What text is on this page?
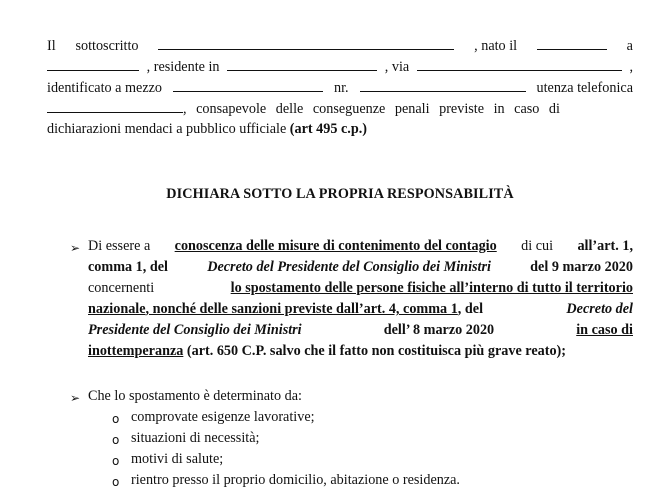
Il sottoscritto	, nato il	a
, residente in	, via	,
identificato a mezzo	nr.	utenza telefonica
, consapevole delle conseguenze penali previste in caso di
dichiarazioni mendaci a pubblico ufficiale (art 495 c.p.)
DICHIARA SOTTO LA PROPRIA RESPONSABILITÀ
➢ Di essere a conoscenza delle misure di contenimento del contagio di cui all’art. 1,
comma 1, del	Decreto del Presidente del Consiglio dei Ministri	del 9 marzo 2020
concernenti	lo spostamento delle persone fisiche all’interno di tutto il territorio
nazionale, nonché delle sanzioni previste dall’art. 4, comma 1, del	Decreto del
Presidente del Consiglio dei Ministri	dell’ 8 marzo 2020	in caso di
inottemperanza (art. 650 C.P. salvo che il fatto non costituisca più grave reato);
➢ Che lo spostamento è determinato da:
o comprovate esigenze lavorative;
o situazioni di necessità;
o motivi di salute;
o rientro presso il proprio domicilio, abitazione o residenza.
